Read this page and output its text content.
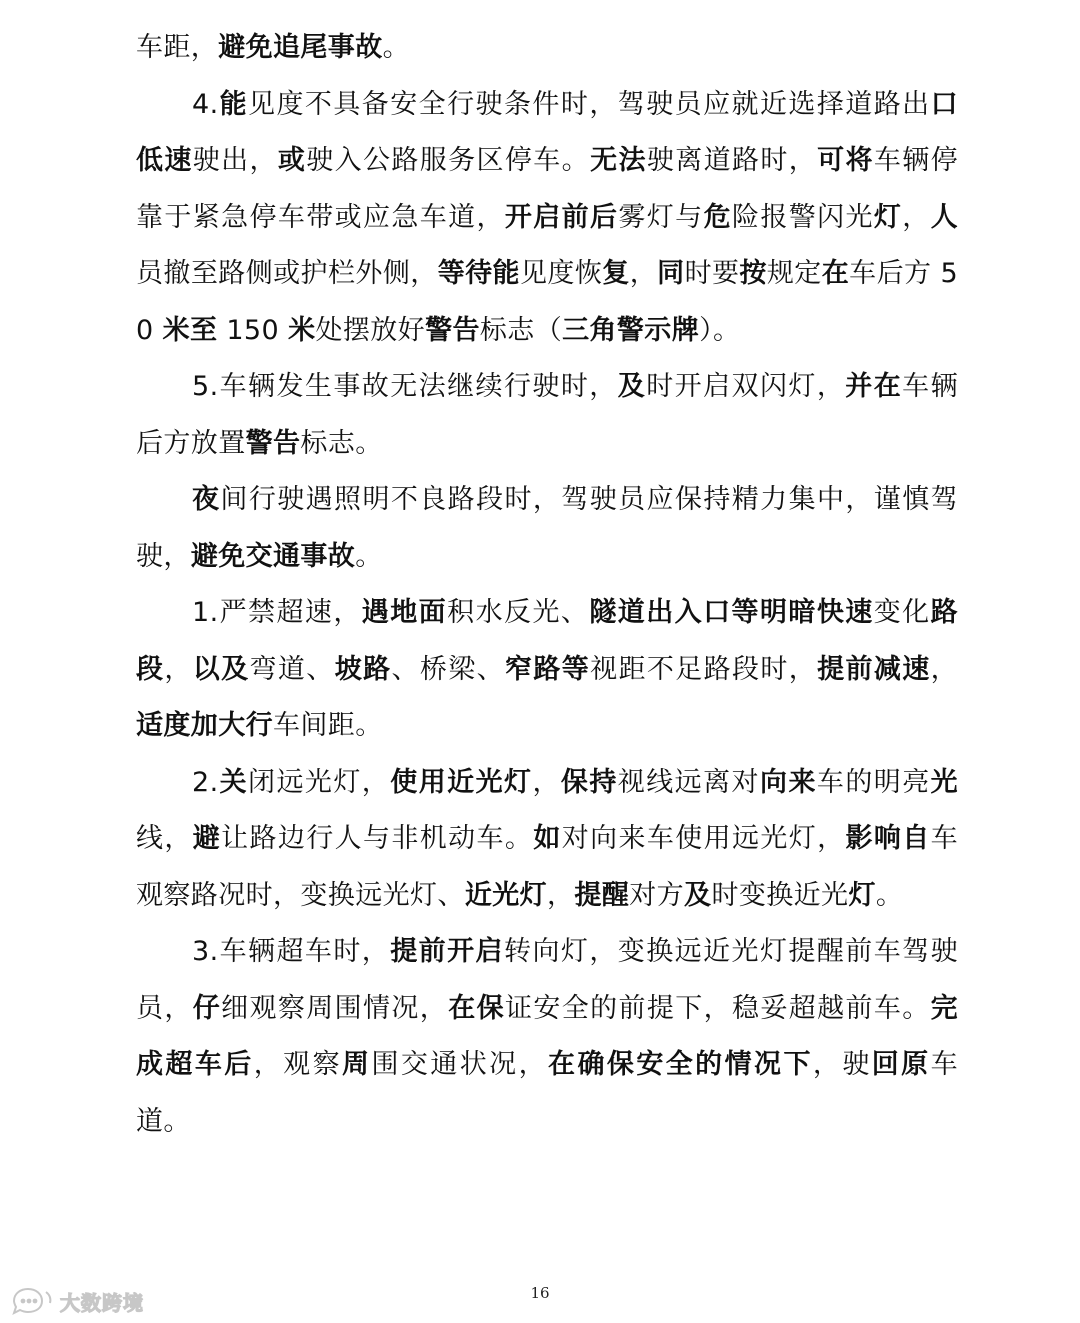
车距，避免追尾事故。

4.能见度不具备安全行驶条件时，驾驶员应就近选择道路出口低速驶出，或驶入公路服务区停车。无法驶离道路时，可将车辆停靠于紧急停车带或应急车道，开启前后雾灯与危险报警闪光灯，人员撤至路侧或护栏外侧，等待能见度恢复，同时要按规定在车后方 50 米至 150 米处摆放好警告标志（三角警示牌）。

5.车辆发生事故无法继续行驶时，及时开启双闪灯，并在车辆后方放置警告标志。

夜间行驶遇照明不良路段时，驾驶员应保持精力集中，谨慎驾驶，避免交通事故。

1.严禁超速，遇地面积水反光、隧道出入口等明暗快速变化路段，以及弯道、坡路、桥梁、窄路等视距不足路段时，提前减速，适度加大行车间距。

2.关闭远光灯，使用近光灯，保持视线远离对向来车的明亮光线，避让路边行人与非机动车。如对向来车使用远光灯，影响自车观察路况时，变换远光灯、近光灯，提醒对方及时变换近光灯。

3.车辆超车时，提前开启转向灯，变换远近光灯提醒前车驾驶员，仔细观察周围情况，在保证安全的前提下，稳妥超越前车。完成超车后，观察周围交通状况，在确保安全的情况下，驶回原车道。

16
大数跨境
